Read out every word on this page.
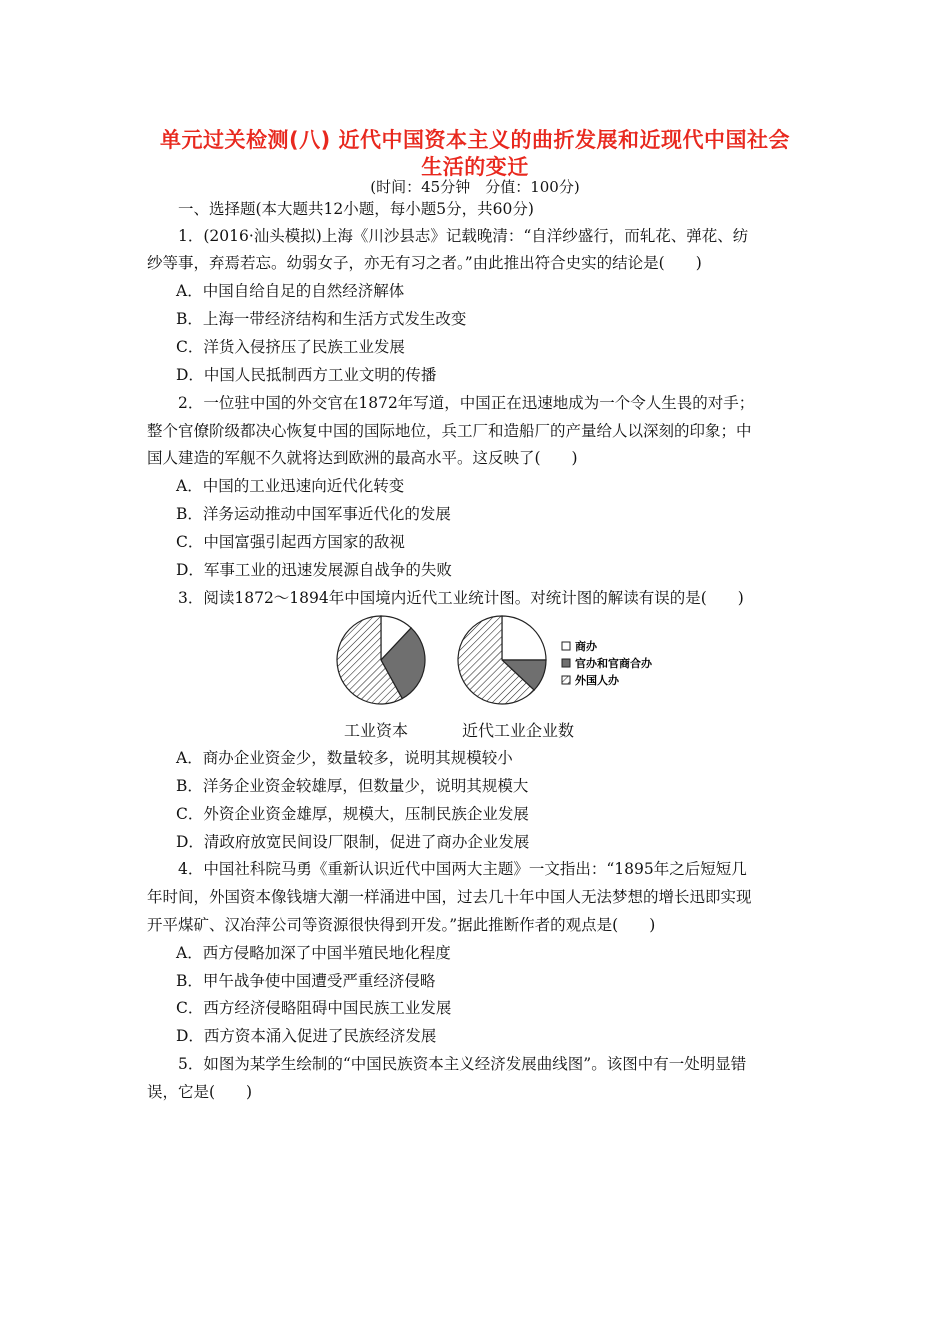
单元过关检测(八) 近代中国资本主义的曲折发展和近现代中国社会
生活的变迁
(时间：45分钟　分值：100分)
一、选择题(本大题共12小题，每小题5分，共60分)
1．(2016·汕头模拟)上海《川沙县志》记载晚清：“自洋纱盛行，而轧花、弹花、纺
纱等事，弃焉若忘。幼弱女子，亦无有习之者。”由此推出符合史实的结论是(　　)
A．中国自给自足的自然经济解体
B．上海一带经济结构和生活方式发生改变
C．洋货入侵挤压了民族工业发展
D．中国人民抵制西方工业文明的传播
2．一位驻中国的外交官在1872年写道，中国正在迅速地成为一个令人生畏的对手；
整个官僚阶级都决心恢复中国的国际地位，兵工厂和造船厂的产量给人以深刻的印象；中
国人建造的军舰不久就将达到欧洲的最高水平。这反映了(　　)
A．中国的工业迅速向近代化转变
B．洋务运动推动中国军事近代化的发展
C．中国富强引起西方国家的敌视
D．军事工业的迅速发展源自战争的失败
3．阅读1872～1894年中国境内近代工业统计图。对统计图的解读有误的是(　　)
商办
官办和官商合办
外国人办
工业资本	近代工业企业数
A．商办企业资金少，数量较多，说明其规模较小
B．洋务企业资金较雄厚，但数量少，说明其规模大
C．外资企业资金雄厚，规模大，压制民族企业发展
D．清政府放宽民间设厂限制，促进了商办企业发展
4．中国社科院马勇《重新认识近代中国两大主题》一文指出：“1895年之后短短几
年时间，外国资本像钱塘大潮一样涌进中国，过去几十年中国人无法梦想的增长迅即实现
开平煤矿、汉冶萍公司等资源很快得到开发。”据此推断作者的观点是(　　)
A．西方侵略加深了中国半殖民地化程度
B．甲午战争使中国遭受严重经济侵略
C．西方经济侵略阻碍中国民族工业发展
D．西方资本涌入促进了民族经济发展
5．如图为某学生绘制的“中国民族资本主义经济发展曲线图”。该图中有一处明显错
误，它是(　　)
